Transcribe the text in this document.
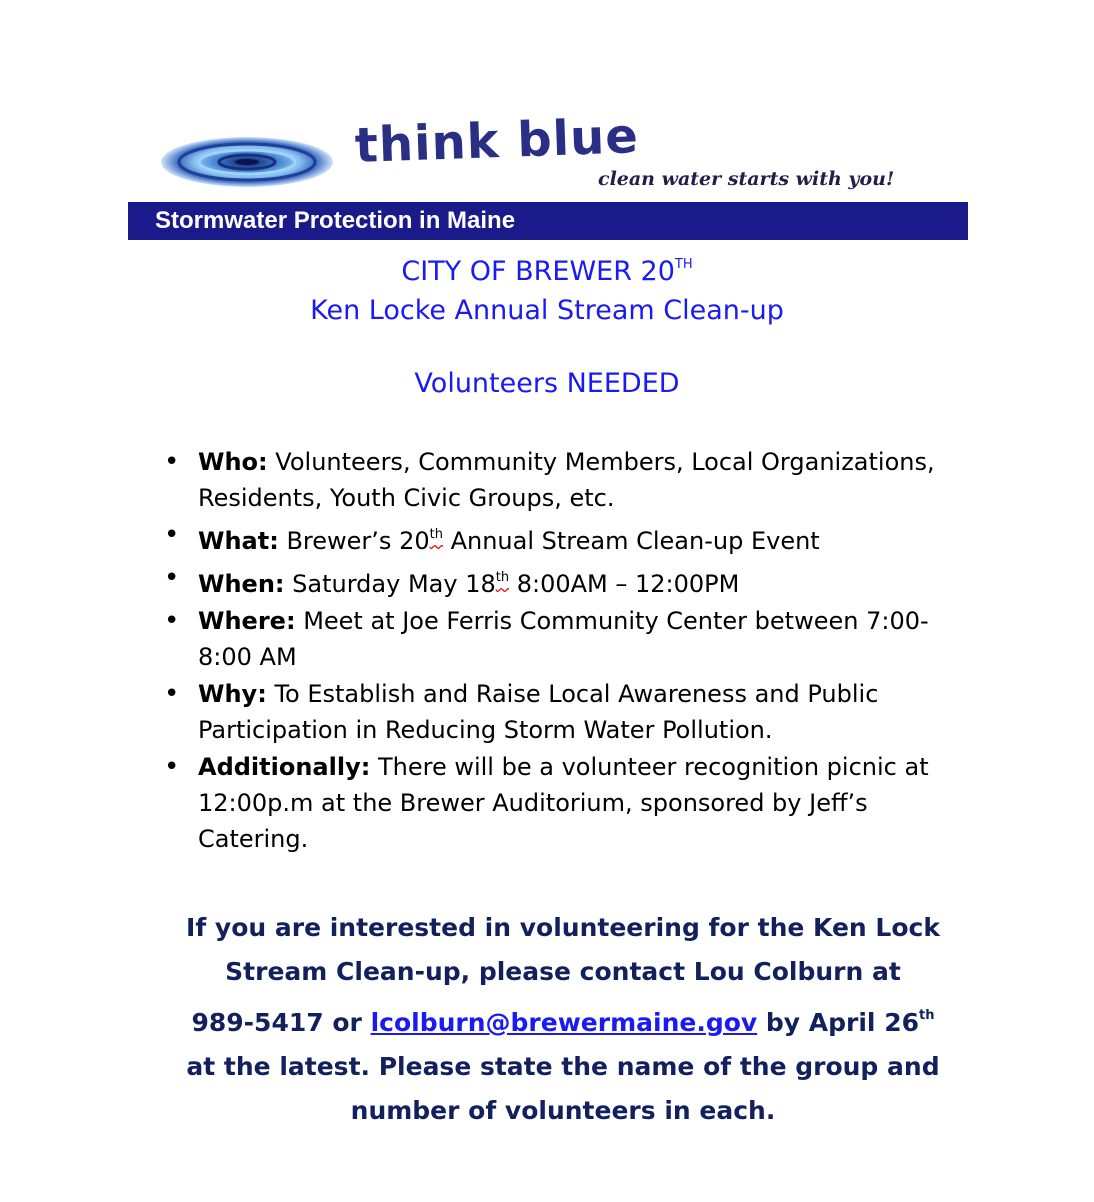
think blue
clean water starts with you!
Stormwater Protection in Maine
CITY OF BREWER 20TH
Ken Locke Annual Stream Clean-up
Volunteers NEEDED
• Who: Volunteers, Community Members, Local Organizations, Residents, Youth Civic Groups, etc.
• What: Brewer’s 20th Annual Stream Clean-up Event
• When: Saturday May 18th 8:00AM – 12:00PM
• Where: Meet at Joe Ferris Community Center between 7:00-8:00 AM
• Why: To Establish and Raise Local Awareness and Public Participation in Reducing Storm Water Pollution.
• Additionally: There will be a volunteer recognition picnic at 12:00p.m at the Brewer Auditorium, sponsored by Jeff’s Catering.
If you are interested in volunteering for the Ken Lock
Stream Clean-up, please contact Lou Colburn at
989-5417 or lcolburn@brewermaine.gov by April 26th
at the latest. Please state the name of the group and
number of volunteers in each.
